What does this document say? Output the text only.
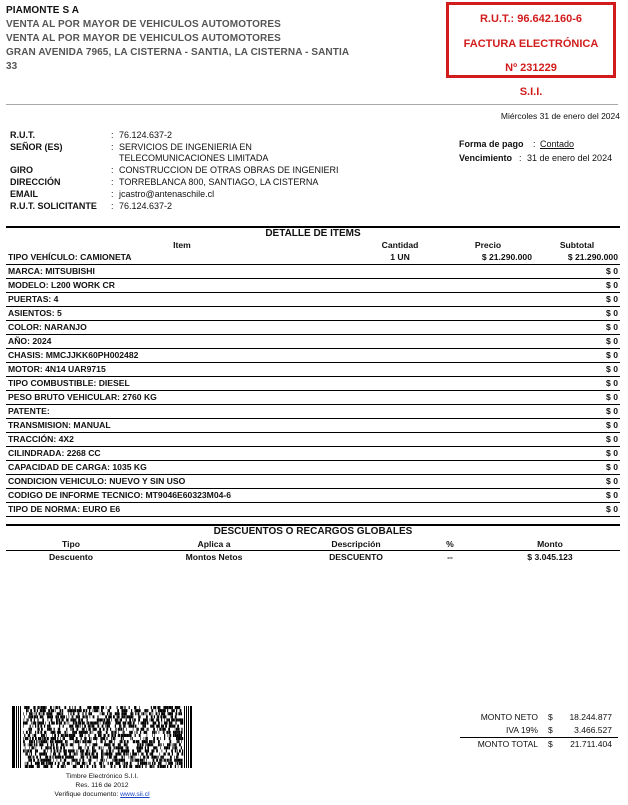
PIAMONTE S A
VENTA AL POR MAYOR DE VEHICULOS AUTOMOTORES
VENTA AL POR MAYOR DE VEHICULOS AUTOMOTORES
GRAN AVENIDA 7965, LA CISTERNA - SANTIA, LA CISTERNA - SANTIA
33
R.U.T.: 96.642.160-6
FACTURA ELECTRÓNICA
Nº 231229
S.I.I.
Miércoles 31 de enero del 2024
R.U.T.	: 76.124.637-2
SEÑOR (ES)	: SERVICIOS DE INGENIERIA EN
TELECOMUNICACIONES LIMITADA
GIRO	: CONSTRUCCION DE OTRAS OBRAS DE INGENIERI
DIRECCIÓN	: TORREBLANCA 800, SANTIAGO, LA CISTERNA
EMAIL	: jcastro@antenaschile.cl
R.U.T. SOLICITANTE : 76.124.637-2
Forma de pago : Contado
Vencimiento : 31 de enero del 2024
DETALLE DE ITEMS			
Item	Cantidad	Precio	Subtotal
TIPO VEHÍCULO: CAMIONETA	1 UN	$ 21.290.000	$ 21.290.000
MARCA: MITSUBISHI			$ 0
MODELO: L200 WORK CR			$ 0
PUERTAS: 4			$ 0
ASIENTOS: 5			$ 0
COLOR: NARANJO			$ 0
AÑO: 2024			$ 0
CHASIS: MMCJJKK60PH002482			$ 0
MOTOR: 4N14 UAR9715			$ 0
TIPO COMBUSTIBLE: DIESEL			$ 0
PESO BRUTO VEHICULAR: 2760 KG			$ 0
PATENTE:			$ 0
TRANSMISION: MANUAL			$ 0
TRACCIÓN: 4X2			$ 0
CILINDRADA: 2268 CC			$ 0
CAPACIDAD DE CARGA: 1035 KG			$ 0
CONDICION VEHICULO: NUEVO Y SIN USO			$ 0
CODIGO DE INFORME TECNICO: MT9046E60323M04-6			$ 0
TIPO DE NORMA: EURO E6			$ 0
DESCUENTOS O RECARGOS GLOBALES				
Tipo	Aplica a	Descripción	%	Monto
Descuento	Montos Netos	DESCUENTO	--	$ 3.045.123
Timbre Electrónico S.I.I.
Res. 116 de 2012
Verifique documento: www.sii.cl
MONTO NETO $ 18.244.877
IVA 19% $	3.466.527
MONTO TOTAL $ 21.711.404
